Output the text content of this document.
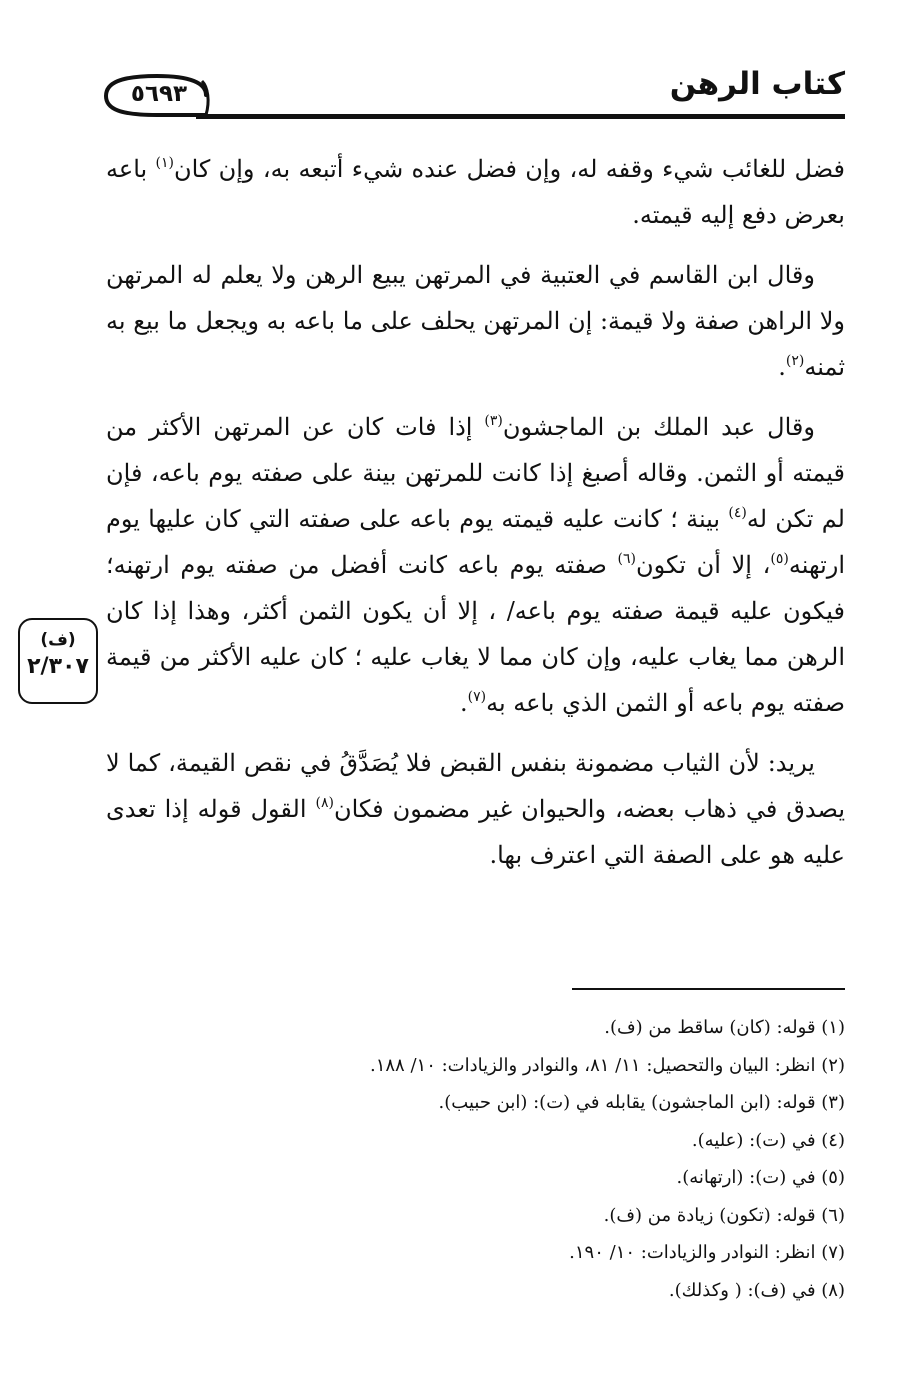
كتاب الرهن
٥٦٩٣

فضل للغائب شيء وقفه له، وإن فضل عنده شيء أتبعه به، وإن كان$^{(١)}$ باعه بعرض دفع إليه قيمته.

وقال ابن القاسم في العتبية في المرتهن يبيع الرهن ولا يعلم له المرتهن ولا الراهن صفة ولا قيمة: إن المرتهن يحلف على ما باعه به ويجعل ما بيع به ثمنه$^{(٢)}$.

وقال عبد الملك بن الماجشون$^{(٣)}$ إذا فات كان عن المرتهن الأكثر من قيمته أو الثمن. وقاله أصبغ إذا كانت للمرتهن بينة على صفته يوم باعه، فإن لم تكن له$^{(٤)}$ بينة ؛ كانت عليه قيمته يوم باعه على صفته التي كان عليها يوم ارتهنه$^{(٥)}$، إلا أن تكون$^{(٦)}$ صفته يوم باعه كانت أفضل من صفته يوم ارتهنه؛ فيكون عليه قيمة صفته يوم باعه/ ، إلا أن يكون الثمن أكثر، وهذا إذا كان الرهن مما يغاب عليه، وإن كان مما لا يغاب عليه ؛ كان عليه الأكثر من قيمة صفته يوم باعه أو الثمن الذي باعه به$^{(٧)}$.

يريد: لأن الثياب مضمونة بنفس القبض فلا يُصَدَّقُ في نقص القيمة، كما لا يصدق في ذهاب بعضه، والحيوان غير مضمون فكان$^{(٨)}$ القول قوله إذا تعدى عليه هو على الصفة التي اعترف بها.

(ف)
٢/٣٠٧
(١) قوله: (كان) ساقط من (ف).
(٢) انظر: البيان والتحصيل: ١١/ ٨١، والنوادر والزيادات: ١٠/ ١٨٨.
(٣) قوله: (ابن الماجشون) يقابله في (ت): (ابن حبيب).
(٤) في (ت): (عليه).
(٥) في (ت): (ارتهانه).
(٦) قوله: (تكون) زيادة من (ف).
(٧) انظر: النوادر والزيادات: ١٠/ ١٩٠.
(٨) في (ف): ( وكذلك).
